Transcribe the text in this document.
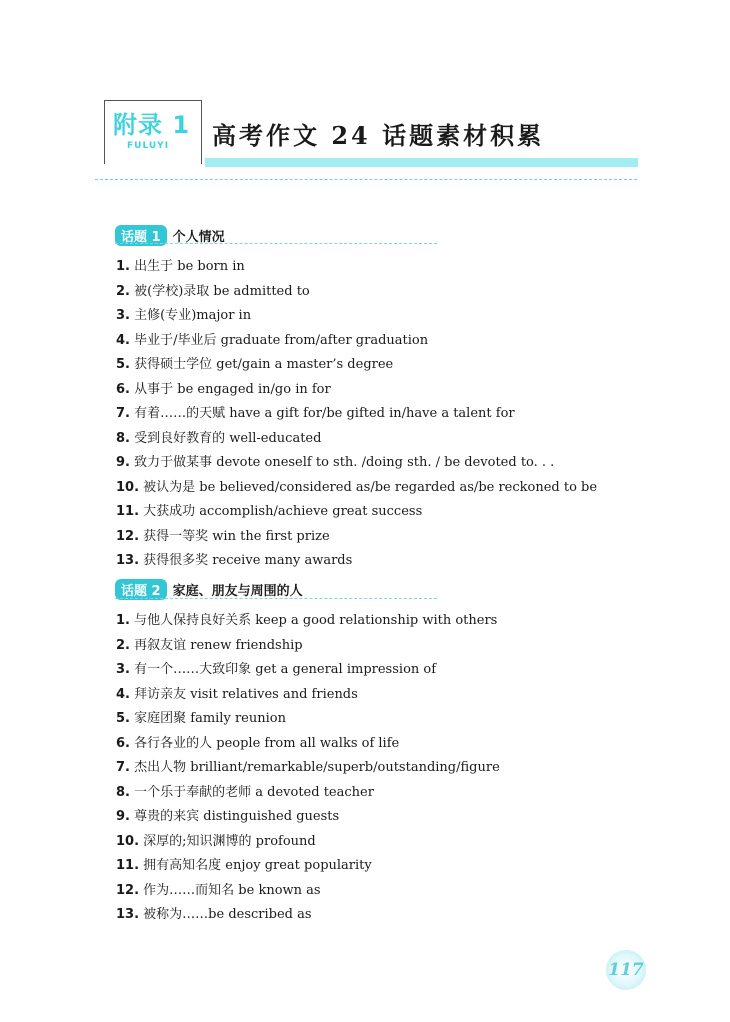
附录 1
FULUYI 高考作文 24 话题素材积累
话题 1 个人情况
1. 出生于 be born in
2. 被(学校)录取 be admitted to
3. 主修(专业)major in
4. 毕业于/毕业后 graduate from/after graduation
5. 获得硕士学位 get/gain a master’s degree
6. 从事于 be engaged in/go in for
7. 有着……的天赋 have a gift for/be gifted in/have a talent for
8. 受到良好教育的 well-educated
9. 致力于做某事 devote oneself to sth. /doing sth. / be devoted to. . .
10. 被认为是 be believed/considered as/be regarded as/be reckoned to be
11. 大获成功 accomplish/achieve great success
12. 获得一等奖 win the first prize
13. 获得很多奖 receive many awards
话题 2 家庭、朋友与周围的人
1. 与他人保持良好关系 keep a good relationship with others
2. 再叙友谊 renew friendship
3. 有一个……大致印象 get a general impression of
4. 拜访亲友 visit relatives and friends
5. 家庭团聚 family reunion
6. 各行各业的人 people from all walks of life
7. 杰出人物 brilliant/remarkable/superb/outstanding/figure
8. 一个乐于奉献的老师 a devoted teacher
9. 尊贵的来宾 distinguished guests
10. 深厚的;知识渊博的 profound
11. 拥有高知名度 enjoy great popularity
12. 作为……而知名 be known as
13. 被称为……be described as
117
